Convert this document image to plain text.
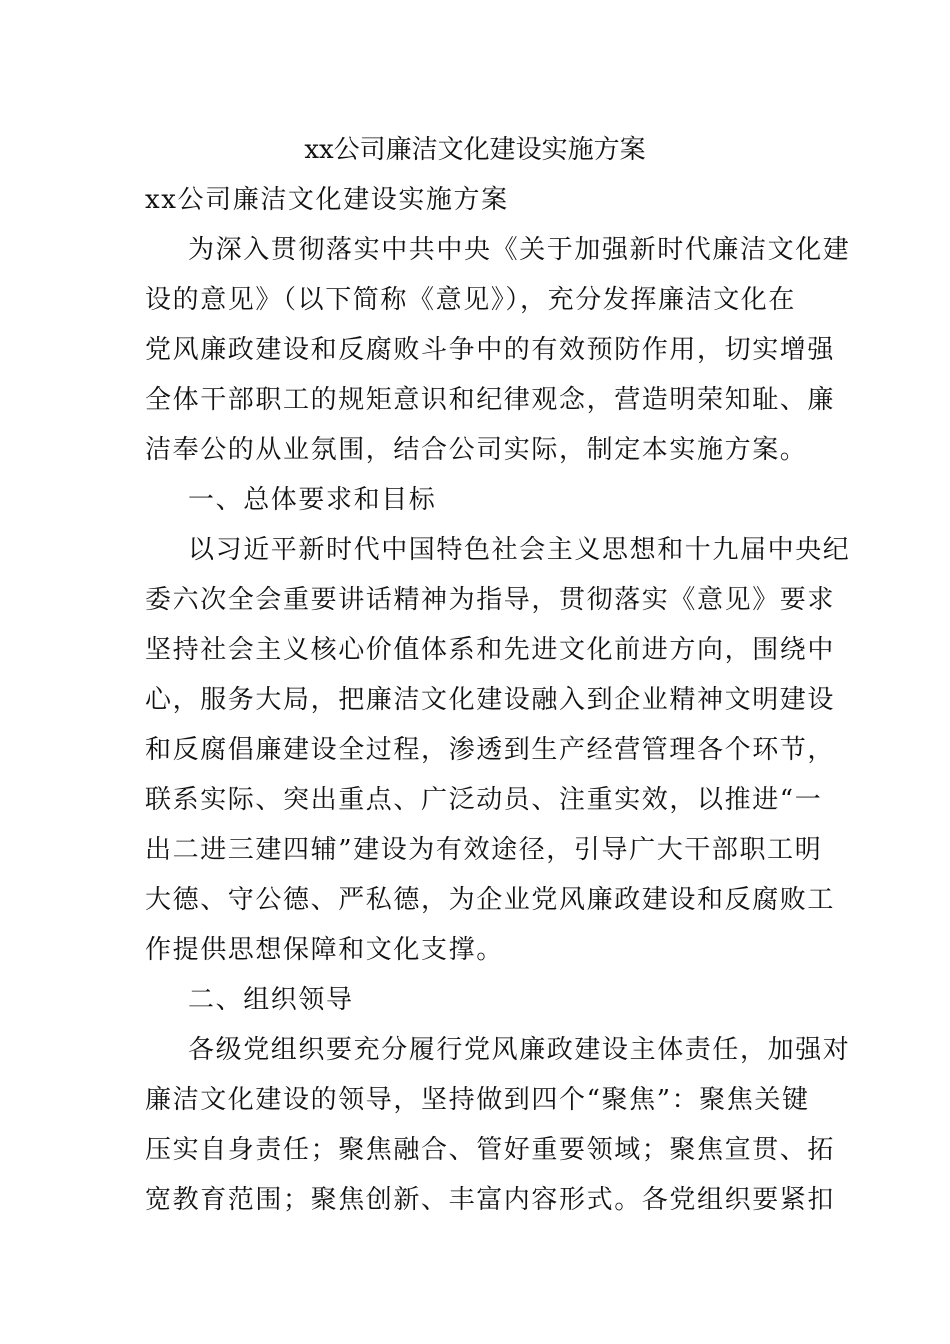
xx公司廉洁文化建设实施方案
xx公司廉洁文化建设实施方案
为深入贯彻落实中共中央《关于加强新时代廉洁文化建
设的意见》（以下简称《意见》），充分发挥廉洁文化在
党风廉政建设和反腐败斗争中的有效预防作用，切实增强
全体干部职工的规矩意识和纪律观念，营造明荣知耻、廉
洁奉公的从业氛围，结合公司实际，制定本实施方案。
一、总体要求和目标
以习近平新时代中国特色社会主义思想和十九届中央纪
委六次全会重要讲话精神为指导，贯彻落实《意见》要求
坚持社会主义核心价值体系和先进文化前进方向，围绕中
心，服务大局，把廉洁文化建设融入到企业精神文明建设
和反腐倡廉建设全过程，渗透到生产经营管理各个环节，
联系实际、突出重点、广泛动员、注重实效，以推进“一
出二进三建四辅”建设为有效途径，引导广大干部职工明
大德、守公德、严私德，为企业党风廉政建设和反腐败工
作提供思想保障和文化支撑。
二、组织领导
各级党组织要充分履行党风廉政建设主体责任，加强对
廉洁文化建设的领导，坚持做到四个“聚焦”：聚焦关键
压实自身责任；聚焦融合、管好重要领域；聚焦宣贯、拓
宽教育范围；聚焦创新、丰富内容形式。各党组织要紧扣
